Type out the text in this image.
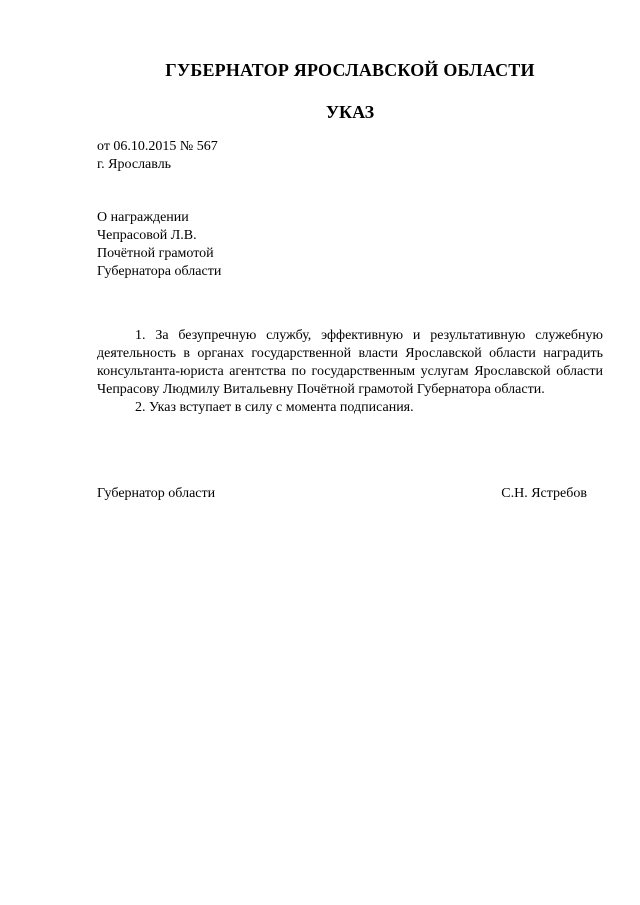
ГУБЕРНАТОР ЯРОСЛАВСКОЙ ОБЛАСТИ
УКАЗ
от 06.10.2015 № 567
г. Ярославль
О награждении
Чепрасовой Л.В.
Почётной грамотой
Губернатора области

1. За безупречную службу, эффективную и результативную служебную деятельность в органах государственной власти Ярославской области наградить консультанта-юриста агентства по государственным услугам Ярославской области Чепрасову Людмилу Витальевну Почётной грамотой Губернатора области.

2. Указ вступает в силу с момента подписания.

Губернатор области	С.Н. Ястребов
